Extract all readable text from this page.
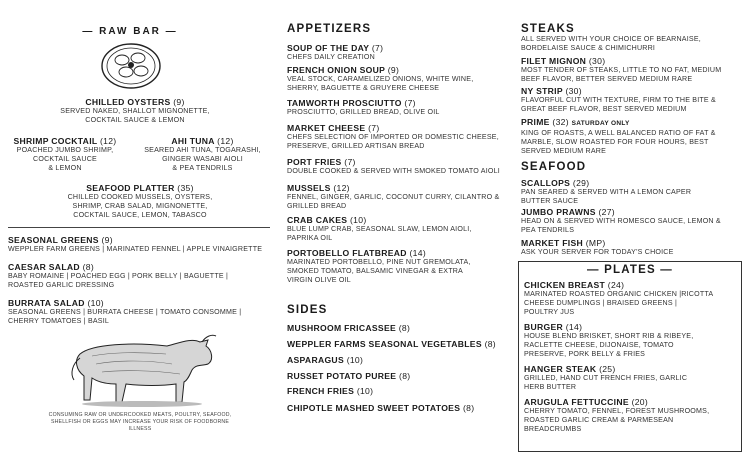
— RAW BAR —
CHILLED OYSTERS (9)
SERVED NAKED, SHALLOT MIGNONETTE,
COCKTAIL SAUCE & LEMON
SHRIMP COCKTAIL (12)
POACHED JUMBO SHRIMP,
COCKTAIL SAUCE
& LEMON
AHI TUNA (12)
SEARED AHI TUNA, TOGARASHI,
GINGER WASABI AIOLI
& PEA TENDRILS
SEAFOOD PLATTER (35)
CHILLED COOKED MUSSELS, OYSTERS,
SHRIMP, CRAB SALAD, MIGNONETTE,
COCKTAIL SAUCE, LEMON, TABASCO
SEASONAL GREENS (9)
WEPPLER FARM GREENS | MARINATED FENNEL | APPLE VINAIGRETTE
CAESAR SALAD (8)
BABY ROMAINE | POACHED EGG | PORK BELLY | BAGUETTE |
ROASTED GARLIC DRESSING
BURRATA SALAD (10)
SEASONAL GREENS | BURRATA CHEESE | TOMATO CONSOMME |
CHERRY TOMATOES | BASIL
CONSUMING RAW OR UNDERCOOKED MEATS, POULTRY, SEAFOOD,
SHELLFISH OR EGGS MAY INCREASE YOUR RISK OF FOODBORNE ILLNESS
APPETIZERS
SOUP OF THE DAY (7)
CHEFS DAILY CREATION
FRENCH ONION SOUP (9)
VEAL STOCK, CARAMELIZED ONIONS, WHITE WINE,
SHERRY, BAGUETTE & GRUYERE CHEESE
TAMWORTH PROSCIUTTO (7)
PROSCIUTTO, GRILLED BREAD, OLIVE OIL
MARKET CHEESE (7)
CHEFS SELECTION OF IMPORTED OR DOMESTIC CHEESE,
PRESERVE, GRILLED ARTISAN BREAD
PORT FRIES (7)
DOUBLE COOKED & SERVED WITH SMOKED TOMATO AIOLI
MUSSELS (12)
FENNEL, GINGER, GARLIC, COCONUT CURRY, CILANTRO &
GRILLED BREAD
CRAB CAKES (10)
BLUE LUMP CRAB, SEASONAL SLAW, LEMON AIOLI,
PAPRIKA OIL
PORTOBELLO FLATBREAD (14)
MARINATED PORTOBELLO, PINE NUT GREMOLATA,
SMOKED TOMATO, BALSAMIC VINEGAR & EXTRA
VIRGIN OLIVE OIL
SIDES
MUSHROOM FRICASSEE (8)
WEPPLER FARMS SEASONAL VEGETABLES (8)
ASPARAGUS (10)
RUSSET POTATO PUREE (8)
FRENCH FRIES (10)
CHIPOTLE MASHED SWEET POTATOES (8)
STEAKS
ALL SERVED WITH YOUR CHOICE OF BEARNAISE,
BORDELAISE SAUCE & CHIMICHURRI
FILET MIGNON (30)
MOST TENDER OF STEAKS, LITTLE TO NO FAT, MEDIUM
BEEF FLAVOR, BETTER SERVED MEDIUM RARE
NY STRIP (30)
FLAVORFUL CUT WITH TEXTURE, FIRM TO THE BITE &
GREAT BEEF FLAVOR, BEST SERVED MEDIUM
PRIME (32) SATURDAY ONLY
KING OF ROASTS, A WELL BALANCED RATIO OF FAT &
MARBLE, SLOW ROASTED FOR FOUR HOURS, BEST
SERVED MEDIUM RARE
SEAFOOD
SCALLOPS (29)
PAN SEARED & SERVED WITH A LEMON CAPER
BUTTER SAUCE
JUMBO PRAWNS (27)
HEAD ON & SERVED WITH ROMESCO SAUCE, LEMON &
PEA TENDRILS
MARKET FISH (MP)
ASK YOUR SERVER FOR TODAY'S CHOICE
— PLATES —
CHICKEN BREAST (24)
MARINATED ROASTED ORGANIC CHICKEN |RICOTTA
CHEESE DUMPLINGS | BRAISED GREENS |
POULTRY JUS
BURGER (14)
HOUSE BLEND BRISKET, SHORT RIB & RIBEYE,
RACLETTE CHEESE, DIJONAISE, TOMATO
PRESERVE, PORK BELLY & FRIES
HANGER STEAK (25)
GRILLED, HAND CUT FRENCH FRIES, GARLIC
HERB BUTTER
ARUGULA FETTUCCINE (20)
CHERRY TOMATO, FENNEL, FOREST MUSHROOMS,
ROASTED GARLIC CREAM & PARMESEAN
BREADCRUMBS
